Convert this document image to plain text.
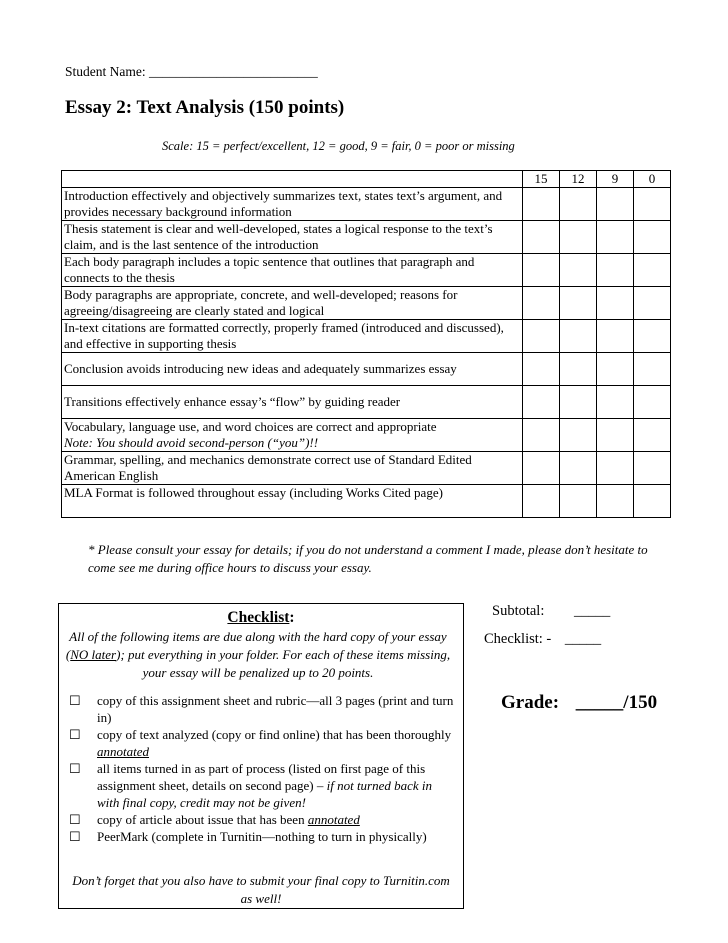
Student Name: _________________________
Essay 2: Text Analysis (150 points)
Scale: 15 = perfect/excellent, 12 = good, 9 = fair, 0 = poor or missing
	15	12	9	0
Introduction effectively and objectively summarizes text, states text’s argument, and provides necessary background information				
Thesis statement is clear and well-developed, states a logical response to the text’s claim, and is the last sentence of the introduction				
Each body paragraph includes a topic sentence that outlines that paragraph and connects to the thesis				
Body paragraphs are appropriate, concrete, and well-developed; reasons for agreeing/disagreeing are clearly stated and logical				
In-text citations are formatted correctly, properly framed (introduced and discussed), and effective in supporting thesis				
Conclusion avoids introducing new ideas and adequately summarizes essay				
Transitions effectively enhance essay’s “flow” by guiding reader				

Vocabulary, language use, and word choices are correct and appropriate
Note: You should avoid second-person (“you”)!!				

Grammar, spelling, and mechanics demonstrate correct use of Standard Edited American English				
MLA Format is followed throughout essay (including Works Cited page)				
* Please consult your essay for details; if you do not understand a comment I made, please don’t hesitate to come see me during office hours to discuss your essay.
Checklist:
All of the following items are due along with the hard copy of your essay (NO later); put everything in your folder. For each of these items missing, your essay will be penalized up to 20 points.
☐	copy of this assignment sheet and rubric—all 3 pages (print and turn in)
☐	copy of text analyzed (copy or find online) that has been thoroughly annotated
☐	all items turned in as part of process (listed on first page of this assignment sheet, details on second page) – if not turned back in with final copy, credit may not be given!
☐	copy of article about issue that has been annotated
☐	PeerMark (complete in Turnitin—nothing to turn in physically)
Don’t forget that you also have to submit your final copy to Turnitin.com as well!
Subtotal: _____
Checklist: - _____
Grade: _____/150
